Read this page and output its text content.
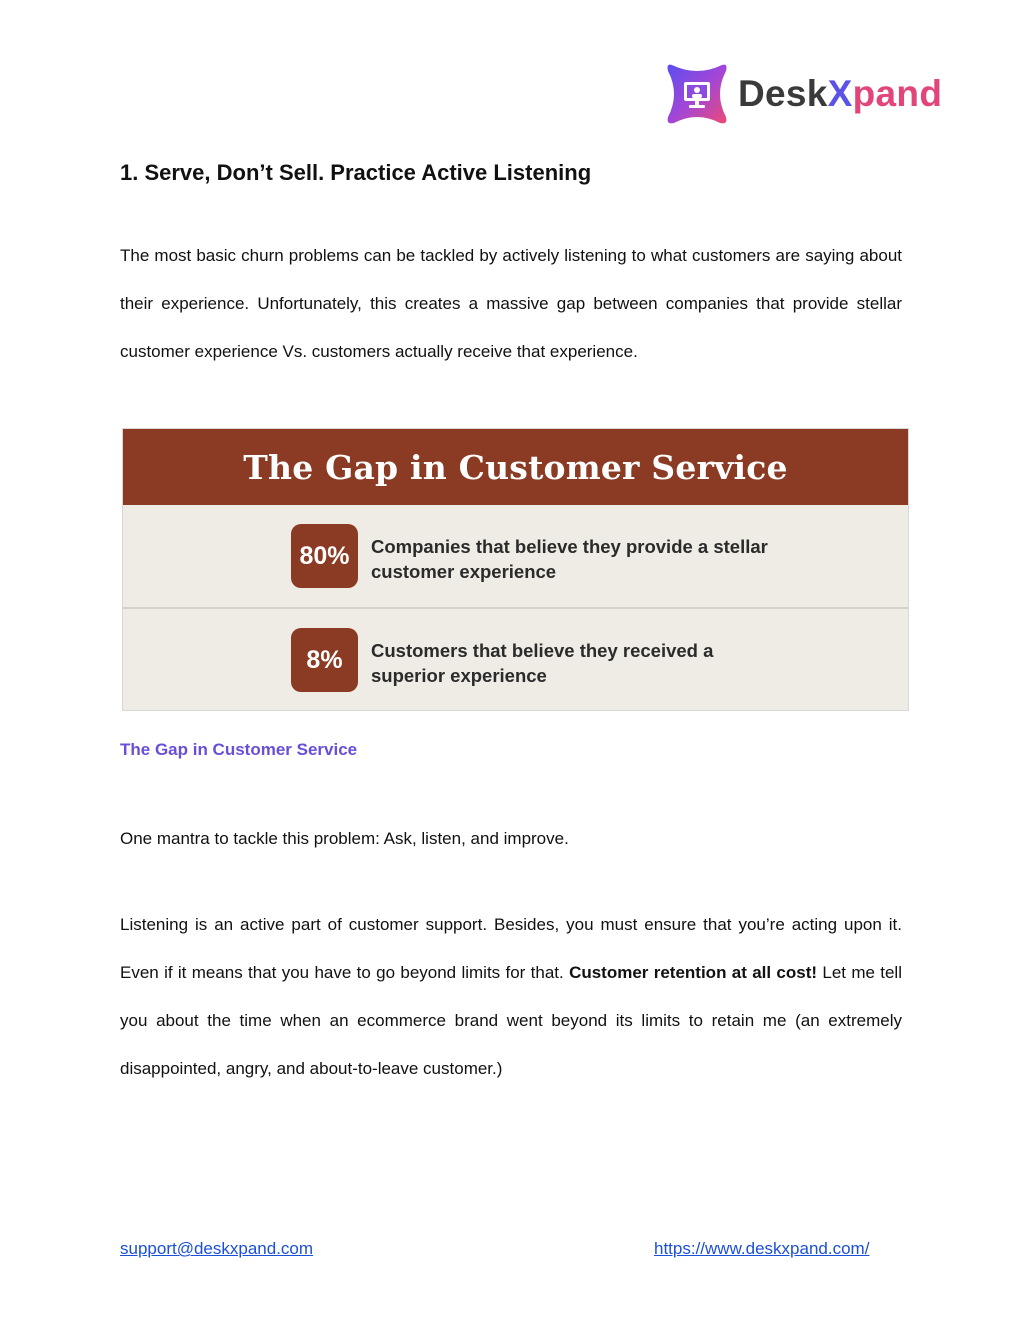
DeskXpand
1. Serve, Don’t Sell. Practice Active Listening

The most basic churn problems can be tackled by actively listening to what customers are saying about their experience. Unfortunately, this creates a massive gap between companies that provide stellar customer experience Vs. customers actually receive that experience.

The Gap in Customer Service
80%	Companies that believe they provide a stellar customer experience
8%	Customers that believe they received a superior experience
The Gap in Customer Service

One mantra to tackle this problem: Ask, listen, and improve.

Listening is an active part of customer support. Besides, you must ensure that you’re acting upon it. Even if it means that you have to go beyond limits for that. Customer retention at all cost! Let me tell you about the time when an ecommerce brand went beyond its limits to retain me (an extremely disappointed, angry, and about-to-leave customer.)

support@deskxpand.com	https://www.deskxpand.com/
